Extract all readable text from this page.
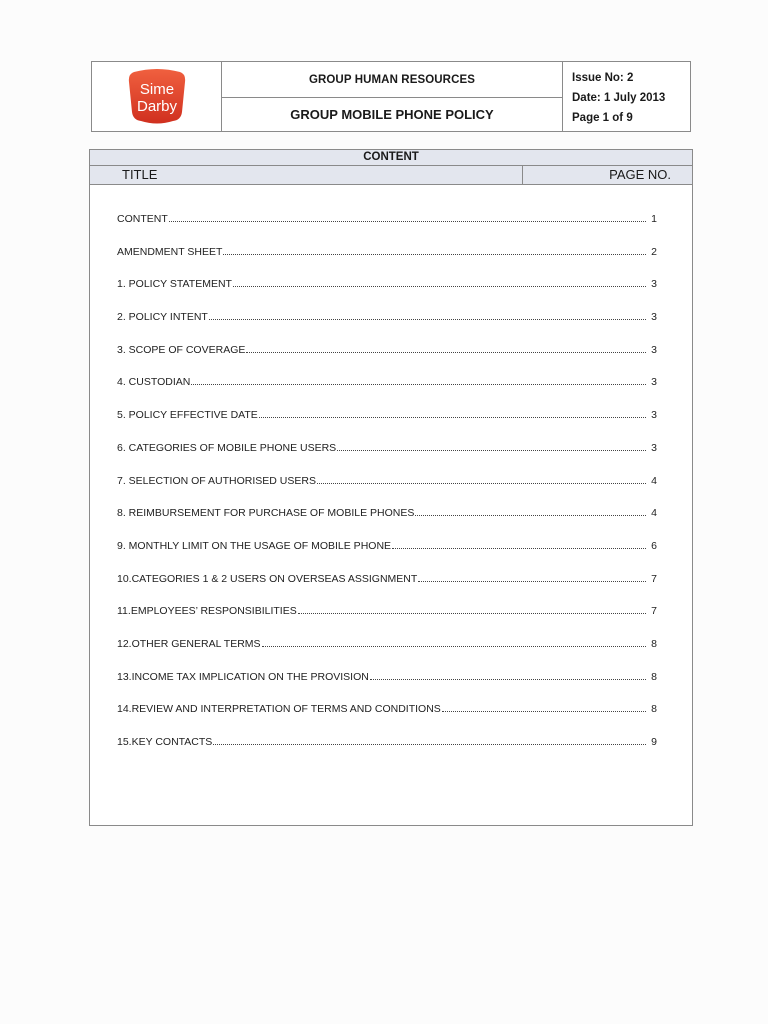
Sime
Darby
GROUP HUMAN RESOURCES
GROUP MOBILE PHONE POLICY
Issue No: 2
Date: 1 July 2013
Page 1 of 9
CONTENT
TITLE	PAGE NO.
CONTENT	1
AMENDMENT SHEET	2
1. POLICY STATEMENT	3
2. POLICY INTENT	3
3. SCOPE OF COVERAGE	3
4. CUSTODIAN	3
5. POLICY EFFECTIVE DATE	3
6. CATEGORIES OF MOBILE PHONE USERS	3
7. SELECTION OF AUTHORISED USERS	4
8. REIMBURSEMENT FOR PURCHASE OF MOBILE PHONES	4
9. MONTHLY LIMIT ON THE USAGE OF MOBILE PHONE	6
10.CATEGORIES 1 & 2 USERS ON OVERSEAS ASSIGNMENT	7
11.EMPLOYEES’ RESPONSIBILITIES	7
12.OTHER GENERAL TERMS	8
13.INCOME TAX IMPLICATION ON THE PROVISION	8
14.REVIEW AND INTERPRETATION OF TERMS AND CONDITIONS	8
15.KEY CONTACTS	9
